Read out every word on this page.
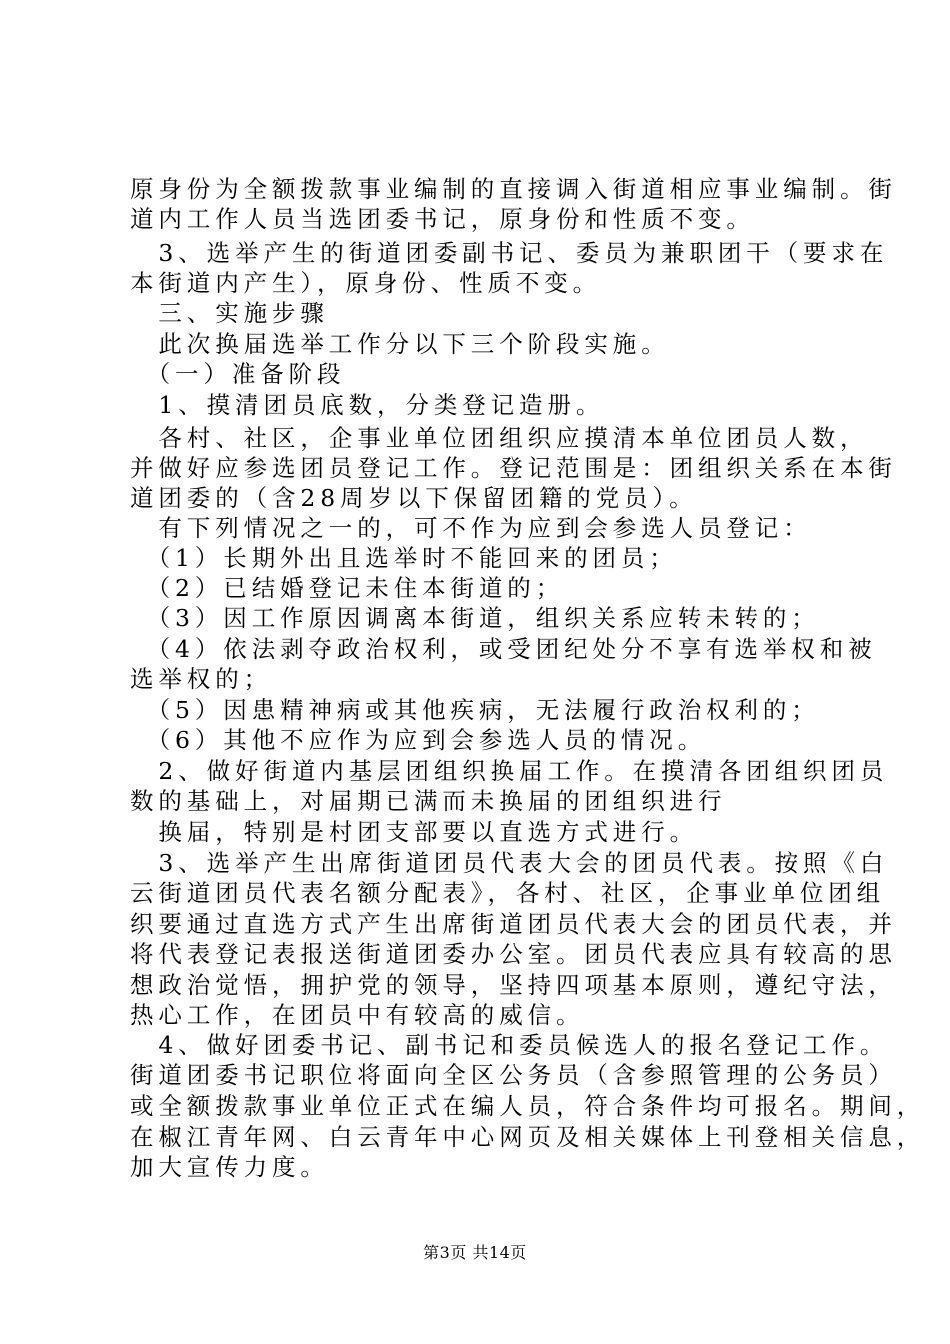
原身份为全额拨款事业编制的直接调入街道相应事业编制。街
道内工作人员当选团委书记，原身份和性质不变。
　3、选举产生的街道团委副书记、委员为兼职团干（要求在
本街道内产生），原身份、性质不变。
　三、实施步骤
　此次换届选举工作分以下三个阶段实施。
　（一）准备阶段
　1、摸清团员底数，分类登记造册。
　各村、社区，企事业单位团组织应摸清本单位团员人数，
并做好应参选团员登记工作。登记范围是：团组织关系在本街
道团委的（含28周岁以下保留团籍的党员）。
　有下列情况之一的，可不作为应到会参选人员登记：
　（1）长期外出且选举时不能回来的团员；
　（2）已结婚登记未住本街道的；
　（3）因工作原因调离本街道，组织关系应转未转的；
　（4）依法剥夺政治权利，或受团纪处分不享有选举权和被
选举权的；
　（5）因患精神病或其他疾病，无法履行政治权利的；
　（6）其他不应作为应到会参选人员的情况。
　2、做好街道内基层团组织换届工作。在摸清各团组织团员
数的基础上，对届期已满而未换届的团组织进行
　换届，特别是村团支部要以直选方式进行。
　3、选举产生出席街道团员代表大会的团员代表。按照《白
云街道团员代表名额分配表》，各村、社区，企事业单位团组
织要通过直选方式产生出席街道团员代表大会的团员代表，并
将代表登记表报送街道团委办公室。团员代表应具有较高的思
想政治觉悟，拥护党的领导，坚持四项基本原则，遵纪守法，
热心工作，在团员中有较高的威信。
　4、做好团委书记、副书记和委员候选人的报名登记工作。
街道团委书记职位将面向全区公务员（含参照管理的公务员）
或全额拨款事业单位正式在编人员，符合条件均可报名。期间，
在椒江青年网、白云青年中心网页及相关媒体上刊登相关信息，
加大宣传力度。
第3页 共14页
